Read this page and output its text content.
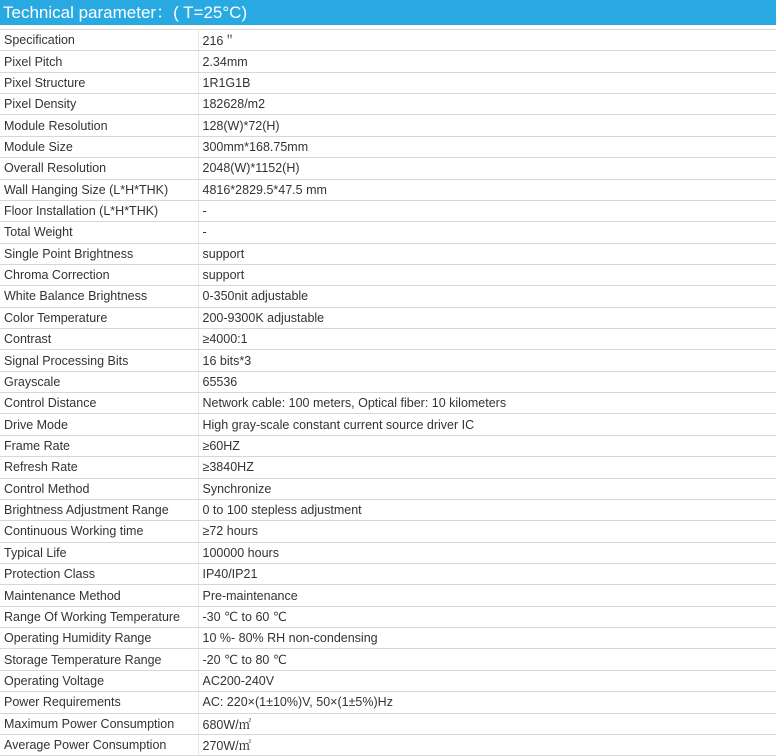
Technical parameter：( T=25°C)
Specification	216＂
Pixel Pitch	2.34mm
Pixel Structure	1R1G1B
Pixel Density	182628/m2
Module Resolution	128(W)*72(H)
Module Size	300mm*168.75mm
Overall Resolution	2048(W)*1152(H)
Wall Hanging Size (L*H*THK)	4816*2829.5*47.5 mm
Floor Installation (L*H*THK)	-
Total Weight	-
Single Point Brightness	support
Chroma Correction	support
White Balance Brightness	0-350nit adjustable
Color Temperature	200-9300K adjustable
Contrast	≥4000:1
Signal Processing Bits	16 bits*3
Grayscale	65536
Control Distance	Network cable: 100 meters, Optical fiber: 10 kilometers
Drive Mode	High gray-scale constant current source driver IC
Frame Rate	≥60HZ
Refresh Rate	≥3840HZ
Control Method	Synchronize
Brightness Adjustment Range	0 to 100 stepless adjustment
Continuous Working time	≥72 hours
Typical Life	100000 hours
Protection Class	IP40/IP21
Maintenance Method	Pre-maintenance
Range Of Working Temperature	-30 ℃ to 60 ℃
Operating Humidity Range	10 %- 80% RH non-condensing
Storage Temperature Range	-20 ℃ to 80 ℃
Operating Voltage	AC200-240V
Power Requirements	AC: 220×(1±10%)V, 50×(1±5%)Hz
Maximum Power Consumption	680W/㎡
Average Power Consumption	270W/㎡
